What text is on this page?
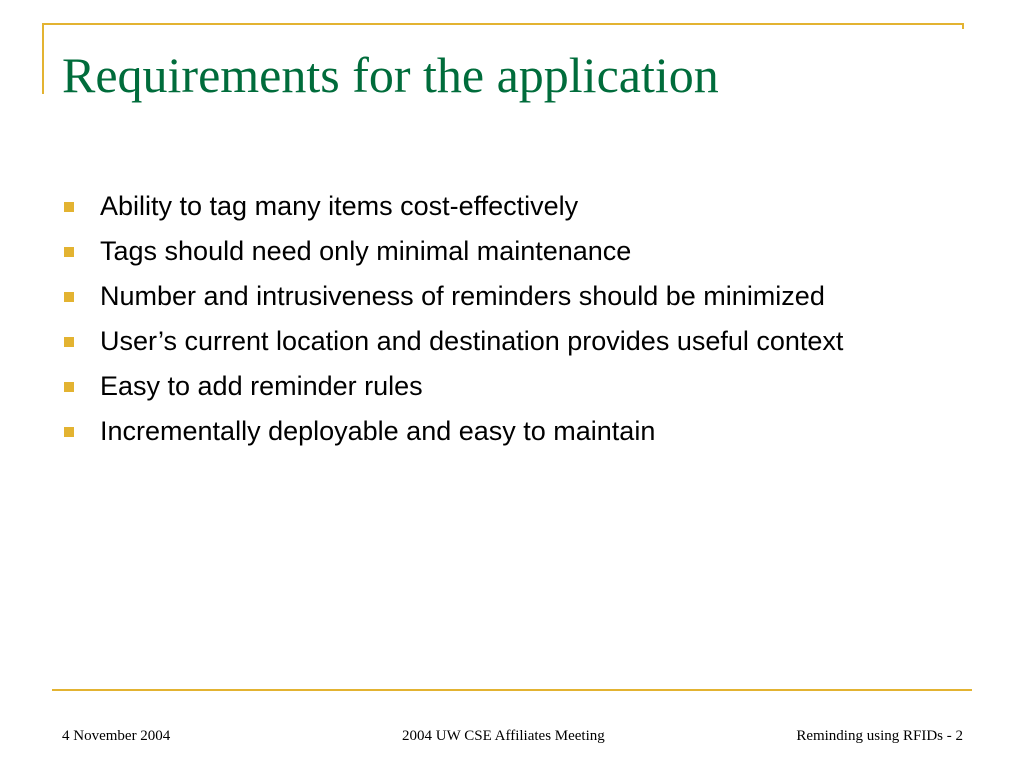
Requirements for the application
Ability to tag many items cost-effectively
Tags should need only minimal maintenance
Number and intrusiveness of reminders should be minimized
User’s current location and destination provides useful context
Easy to add reminder rules
Incrementally deployable and easy to maintain
4 November 2004	2004 UW CSE Affiliates Meeting	Reminding using RFIDs - 2
